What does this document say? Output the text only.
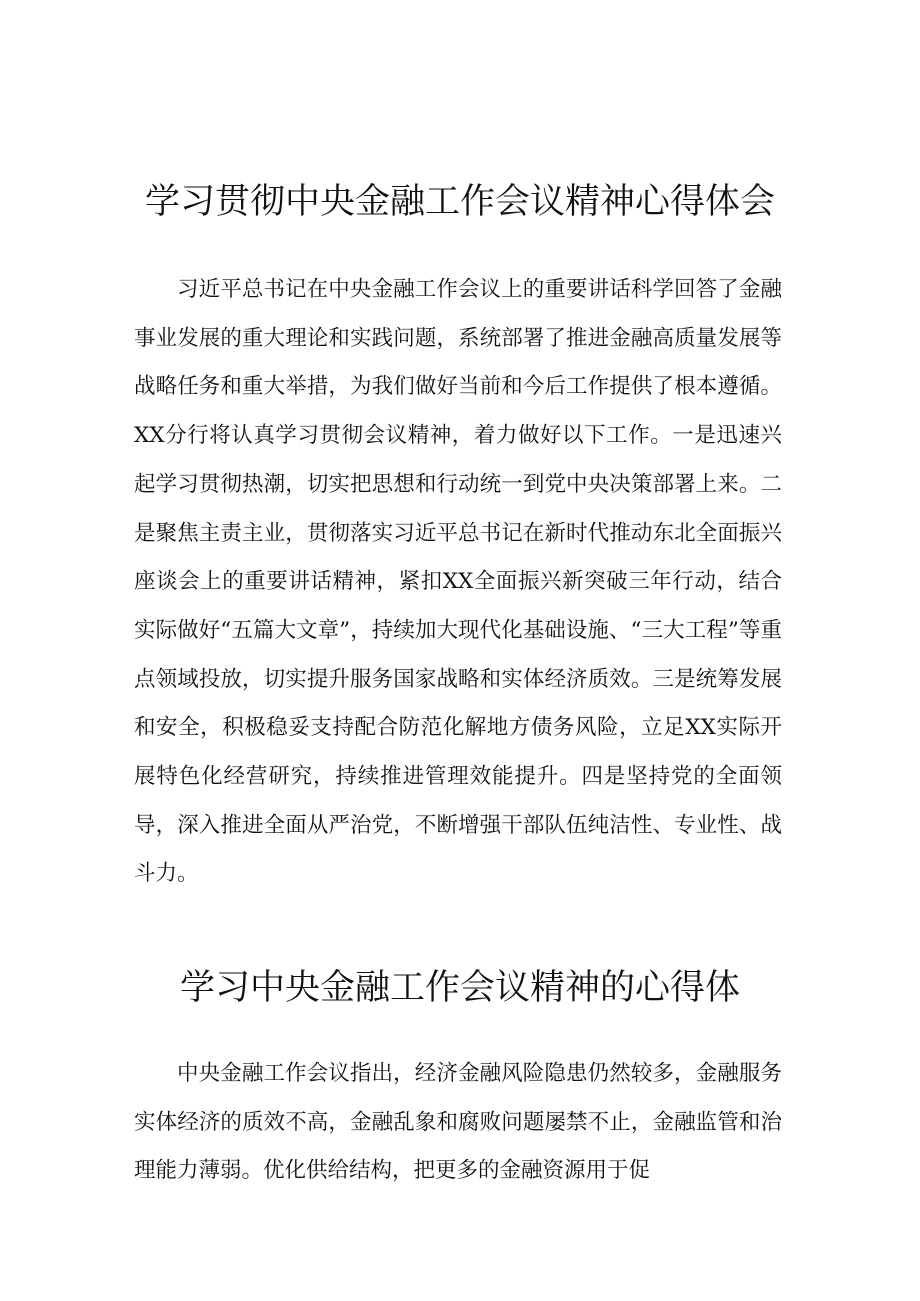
学习贯彻中央金融工作会议精神心得体会

习近平总书记在中央金融工作会议上的重要讲话科学回答了金融事业发展的重大理论和实践问题，系统部署了推进金融高质量发展等战略任务和重大举措，为我们做好当前和今后工作提供了根本遵循。XX分行将认真学习贯彻会议精神，着力做好以下工作。一是迅速兴起学习贯彻热潮，切实把思想和行动统一到党中央决策部署上来。二是聚焦主责主业，贯彻落实习近平总书记在新时代推动东北全面振兴座谈会上的重要讲话精神，紧扣XX全面振兴新突破三年行动，结合实际做好“五篇大文章”，持续加大现代化基础设施、“三大工程”等重点领域投放，切实提升服务国家战略和实体经济质效。三是统筹发展和安全，积极稳妥支持配合防范化解地方债务风险，立足XX实际开展特色化经营研究，持续推进管理效能提升。四是坚持党的全面领导，深入推进全面从严治党，不断增强干部队伍纯洁性、专业性、战斗力。

学习中央金融工作会议精神的心得体

中央金融工作会议指出，经济金融风险隐患仍然较多，金融服务实体经济的质效不高，金融乱象和腐败问题屡禁不止，金融监管和治理能力薄弱。优化供给结构，把更多的金融资源用于促
